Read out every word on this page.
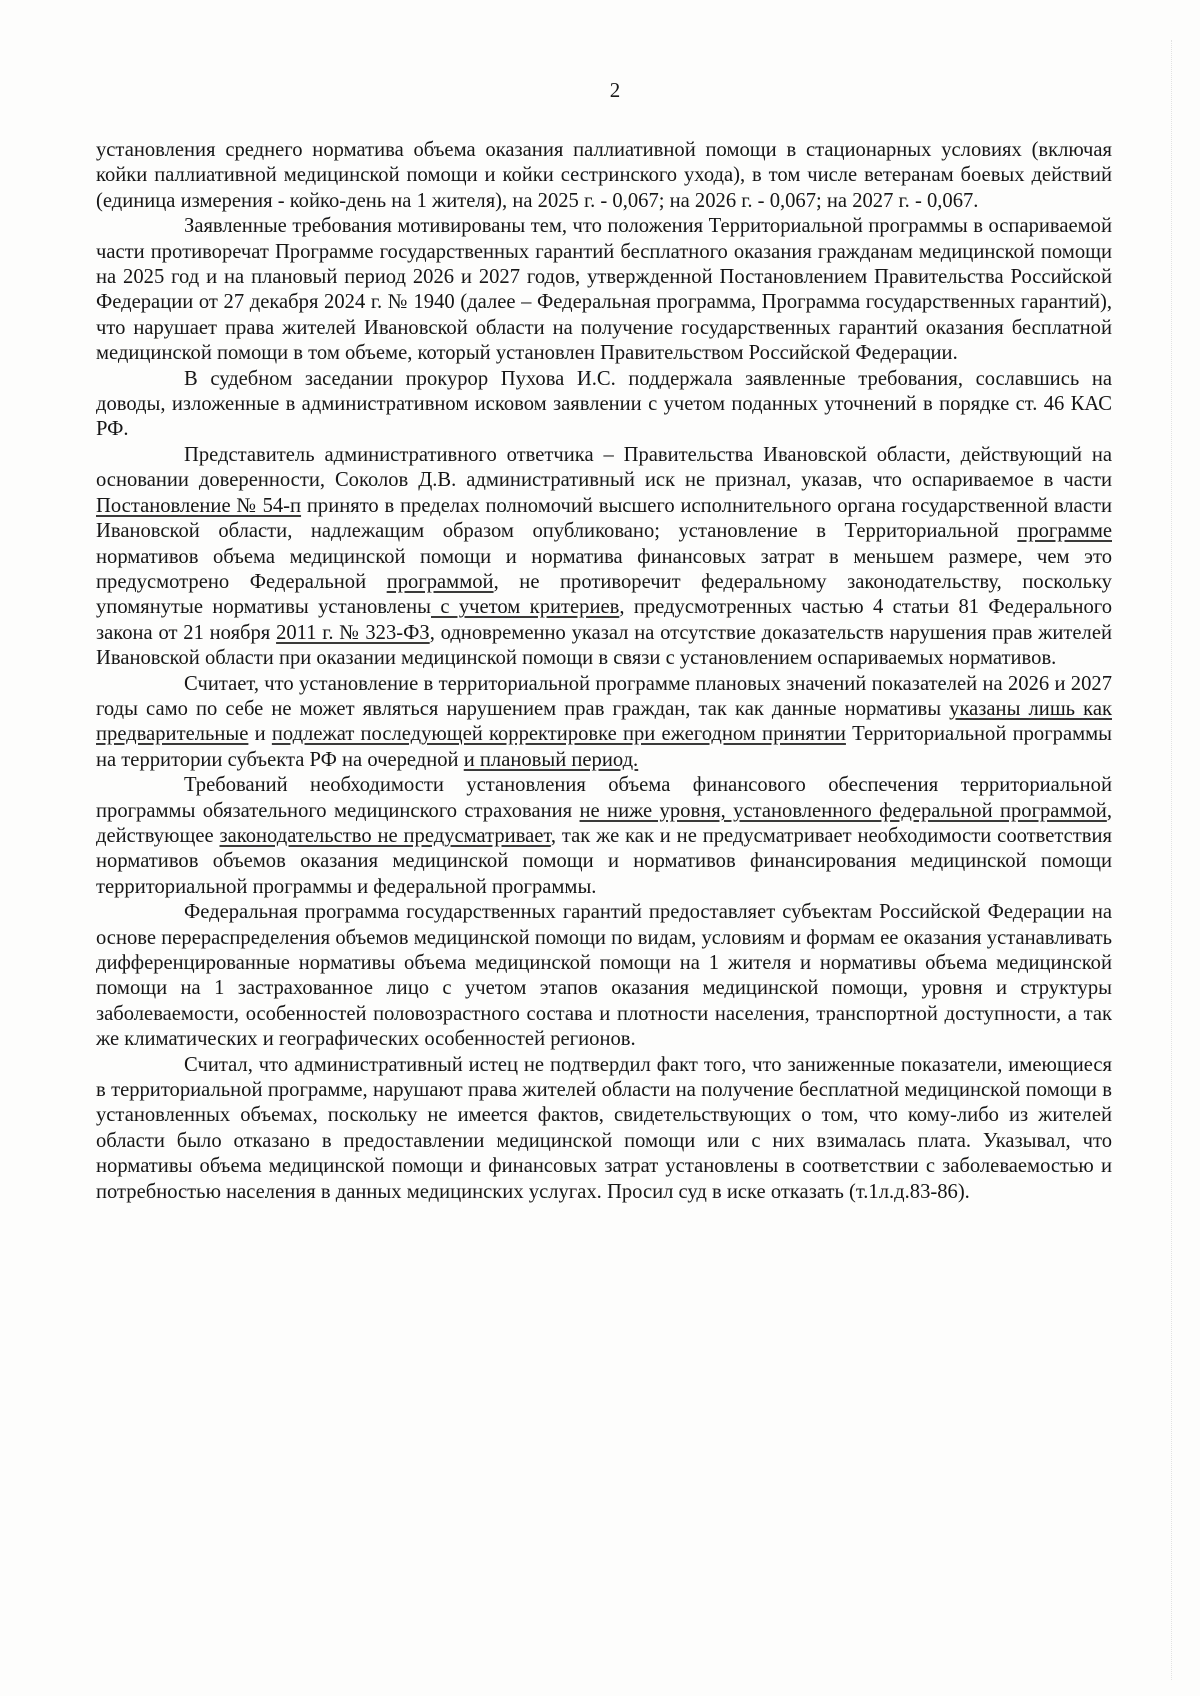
2

установления среднего норматива объема оказания паллиативной помощи в стационарных условиях (включая койки паллиативной медицинской помощи и койки сестринского ухода), в том числе ветеранам боевых действий (единица измерения - койко-день на 1 жителя), на 2025 г. - 0,067; на 2026 г. - 0,067; на 2027 г. - 0,067.

Заявленные требования мотивированы тем, что положения Территориальной программы в оспариваемой части противоречат Программе государственных гарантий бесплатного оказания гражданам медицинской помощи на 2025 год и на плановый период 2026 и 2027 годов, утвержденной Постановлением Правительства Российской Федерации от 27 декабря 2024 г. № 1940 (далее – Федеральная программа, Программа государственных гарантий), что нарушает права жителей Ивановской области на получение государственных гарантий оказания бесплатной медицинской помощи в том объеме, который установлен Правительством Российской Федерации.

В судебном заседании прокурор Пухова И.С. поддержала заявленные требования, сославшись на доводы, изложенные в административном исковом заявлении с учетом поданных уточнений в порядке ст. 46 КАС РФ.

Представитель административного ответчика – Правительства Ивановской области, действующий на основании доверенности, Соколов Д.В. административный иск не признал, указав, что оспариваемое в части Постановление № 54-п принято в пределах полномочий высшего исполнительного органа государственной власти Ивановской области, надлежащим образом опубликовано; установление в Территориальной программе нормативов объема медицинской помощи и норматива финансовых затрат в меньшем размере, чем это предусмотрено Федеральной программой, не противоречит федеральному законодательству, поскольку упомянутые нормативы установлены с учетом критериев, предусмотренных частью 4 статьи 81 Федерального закона от 21 ноября 2011 г. № 323-ФЗ, одновременно указал на отсутствие доказательств нарушения прав жителей Ивановской области при оказании медицинской помощи в связи с установлением оспариваемых нормативов.

Считает, что установление в территориальной программе плановых значений показателей на 2026 и 2027 годы само по себе не может являться нарушением прав граждан, так как данные нормативы указаны лишь как предварительные и подлежат последующей корректировке при ежегодном принятии Территориальной программы на территории субъекта РФ на очередной и плановый период.

Требований необходимости установления объема финансового обеспечения территориальной программы обязательного медицинского страхования не ниже уровня, установленного федеральной программой, действующее законодательство не предусматривает, так же как и не предусматривает необходимости соответствия нормативов объемов оказания медицинской помощи и нормативов финансирования медицинской помощи территориальной программы и федеральной программы.

Федеральная программа государственных гарантий предоставляет субъектам Российской Федерации на основе перераспределения объемов медицинской помощи по видам, условиям и формам ее оказания устанавливать дифференцированные нормативы объема медицинской помощи на 1 жителя и нормативы объема медицинской помощи на 1 застрахованное лицо с учетом этапов оказания медицинской помощи, уровня и структуры заболеваемости, особенностей половозрастного состава и плотности населения, транспортной доступности, а так же климатических и географических особенностей регионов.

Считал, что административный истец не подтвердил факт того, что заниженные показатели, имеющиеся в территориальной программе, нарушают права жителей области на получение бесплатной медицинской помощи в установленных объемах, поскольку не имеется фактов, свидетельствующих о том, что кому-либо из жителей области было отказано в предоставлении медицинской помощи или с них взималась плата. Указывал, что нормативы объема медицинской помощи и финансовых затрат установлены в соответствии с заболеваемостью и потребностью населения в данных медицинских услугах. Просил суд в иске отказать (т.1л.д.83-86).
